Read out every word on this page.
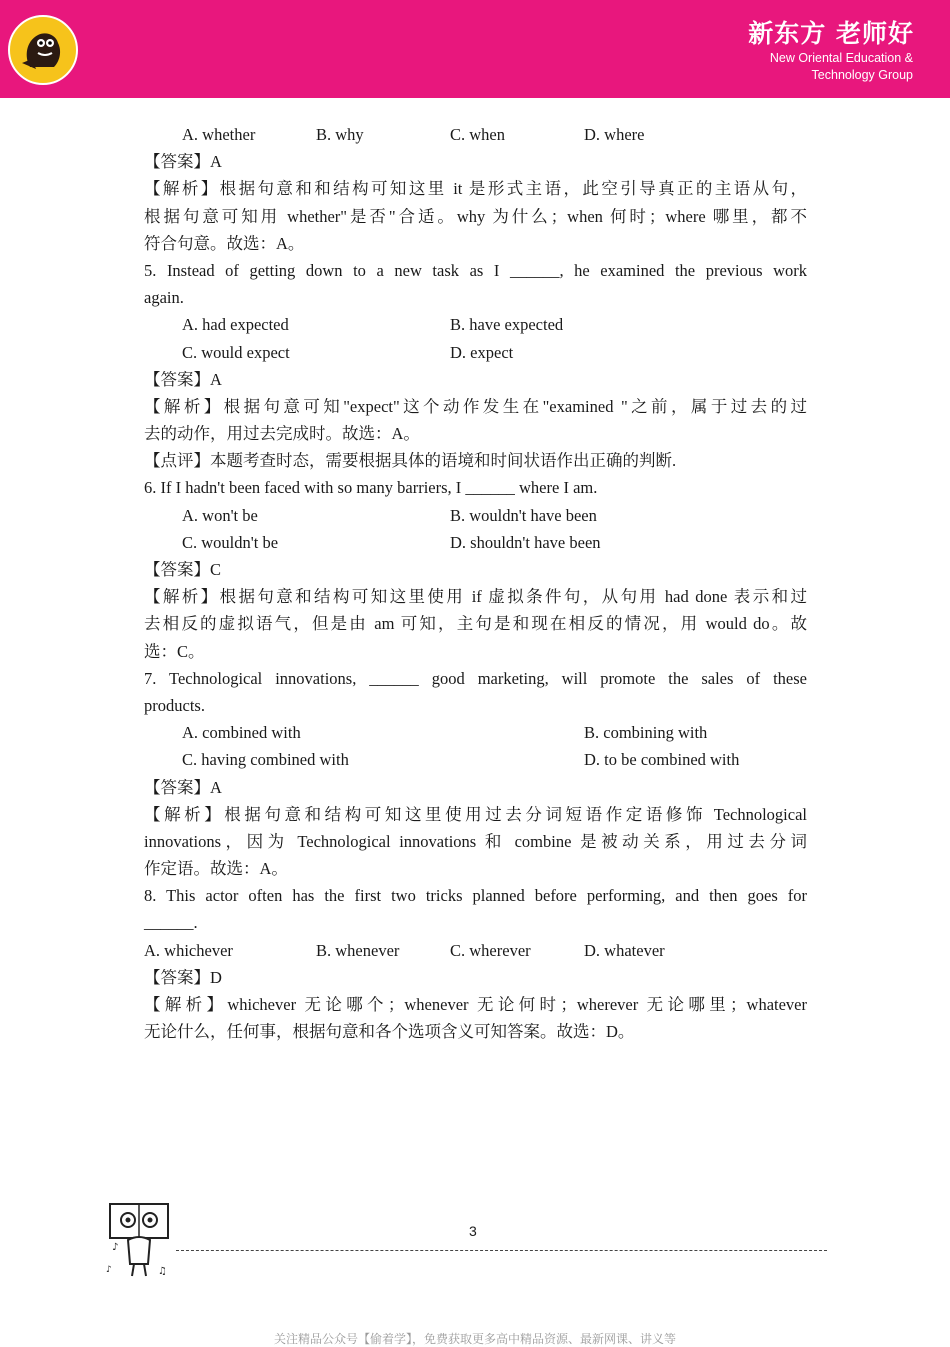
新东方 老师好
New Oriental Education &
Technology Group
A. whether	B. why	C. when	D. where
【答案】A
【解析】根据句意和和结构可知这里 it 是形式主语，此空引导真正的主语从句，
根据句意可知用 whether"是否"合适。why 为什么；when 何时；where 哪里，都不
符合句意。故选：A。
5. Instead of getting down to a new task as I ______, he examined the previous work
again.
A. had expected	B. have expected
C. would expect	D. expect
【答案】A
【解析】根据句意可知"expect"这个动作发生在"examined "之前，属于过去的过
去的动作，用过去完成时。故选：A。
【点评】本题考查时态，需要根据具体的语境和时间状语作出正确的判断.
6. If I hadn't been faced with so many barriers, I ______ where I am.
A. won't be	B. wouldn't have been
C. wouldn't be	D. shouldn't have been
【答案】C
【解析】根据句意和结构可知这里使用 if 虚拟条件句，从句用 had done 表示和过
去相反的虚拟语气，但是由 am 可知，主句是和现在相反的情况，用 would do。故
选：C。
7. Technological innovations, ______ good marketing, will promote the sales of these
products.
A. combined with	B. combining with
C. having combined with	D. to be combined with
【答案】A
【解析】根据句意和结构可知这里使用过去分词短语作定语修饰 Technological
innovations，因为 Technological innovations 和 combine 是被动关系，用过去分词
作定语。故选：A。
8. This actor often has the first two tricks planned before performing, and then goes for
______.
A. whichever	B. whenever	C. wherever	D. whatever
【答案】D
【解析】whichever 无论哪个；whenever 无论何时；wherever 无论哪里；whatever
无论什么，任何事，根据句意和各个选项含义可知答案。故选：D。
♪
♫
♪
3
关注精品公众号【偷着学】，免费获取更多高中精品资源、最新网课、讲义等
